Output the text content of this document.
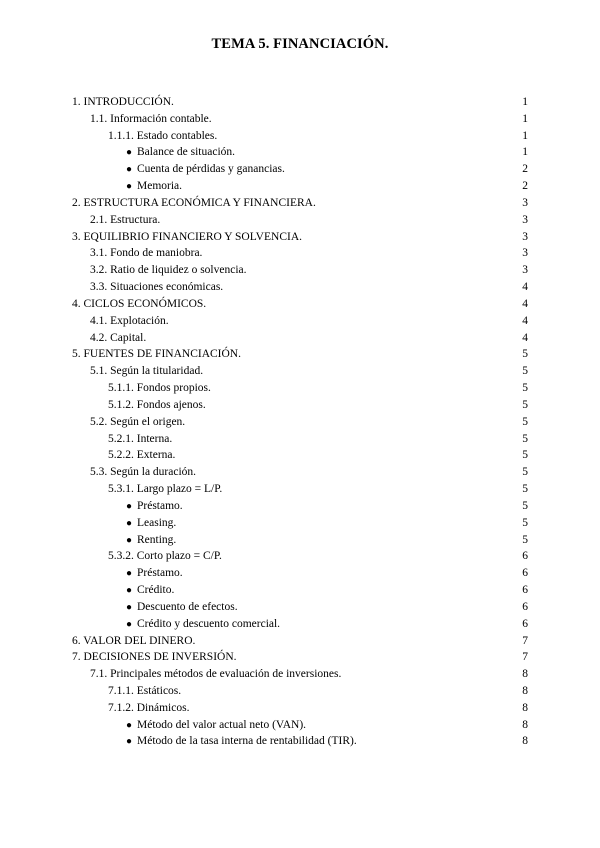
TEMA 5. FINANCIACIÓN.
1. INTRODUCCIÓN.	1
1.1. Información contable.	1
1.1.1. Estado contables.	1
● Balance de situación.	1
● Cuenta de pérdidas y ganancias.	2
● Memoria.	2
2. ESTRUCTURA ECONÓMICA Y FINANCIERA.	3
2.1. Estructura.	3
3. EQUILIBRIO FINANCIERO Y SOLVENCIA.	3
3.1. Fondo de maniobra.	3
3.2. Ratio de liquidez o solvencia.	3
3.3. Situaciones económicas.	4
4. CICLOS ECONÓMICOS.	4
4.1. Explotación.	4
4.2. Capital.	4
5. FUENTES DE FINANCIACIÓN.	5
5.1. Según la titularidad.	5
5.1.1. Fondos propios.	5
5.1.2. Fondos ajenos.	5
5.2. Según el origen.	5
5.2.1. Interna.	5
5.2.2. Externa.	5
5.3. Según la duración.	5
5.3.1. Largo plazo = L/P.	5
● Préstamo.	5
● Leasing.	5
● Renting.	5
5.3.2. Corto plazo = C/P.	6
● Préstamo.	6
● Crédito.	6
● Descuento de efectos.	6
● Crédito y descuento comercial.	6
6. VALOR DEL DINERO.	7
7. DECISIONES DE INVERSIÓN.	7
7.1. Principales métodos de evaluación de inversiones.	8
7.1.1. Estáticos.	8
7.1.2. Dinámicos.	8
● Método del valor actual neto (VAN).	8
● Método de la tasa interna de rentabilidad (TIR).	8
